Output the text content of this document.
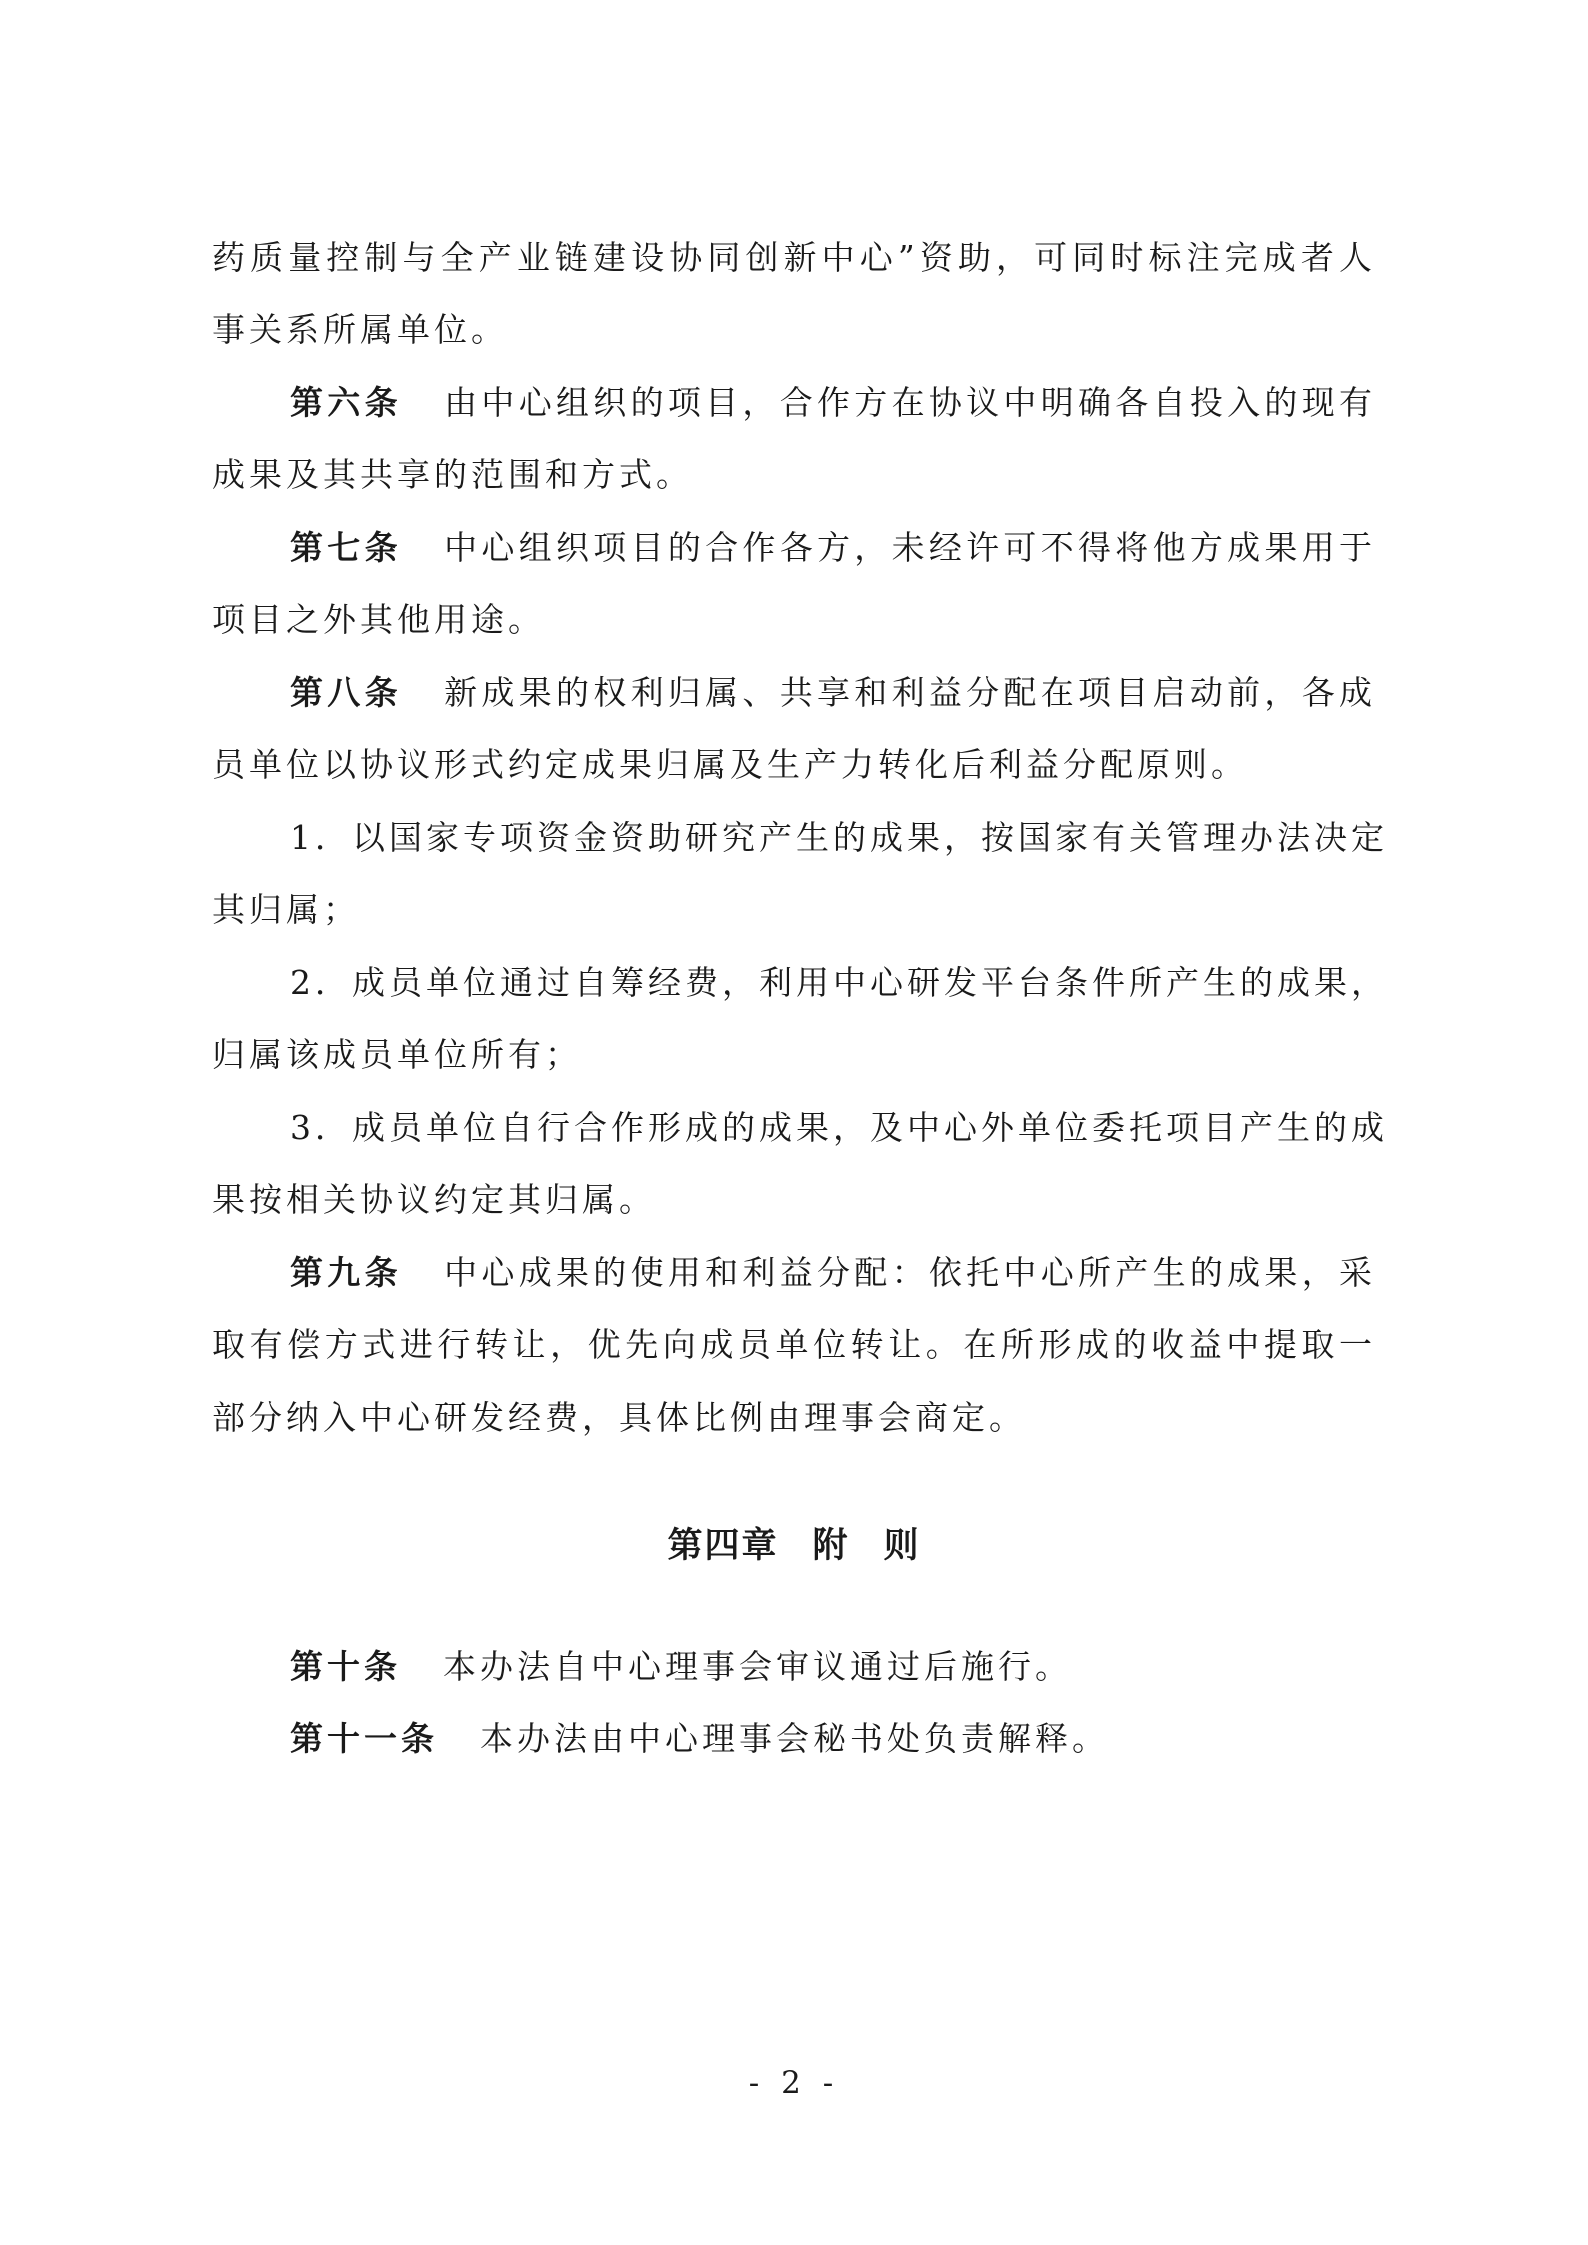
药质量控制与全产业链建设协同创新中心”资助，可同时标注完成者人
事关系所属单位。
第六条 由中心组织的项目，合作方在协议中明确各自投入的现有
成果及其共享的范围和方式。
第七条 中心组织项目的合作各方，未经许可不得将他方成果用于
项目之外其他用途。
第八条 新成果的权利归属、共享和利益分配在项目启动前，各成
员单位以协议形式约定成果归属及生产力转化后利益分配原则。
1．以国家专项资金资助研究产生的成果，按国家有关管理办法决定
其归属；
2．成员单位通过自筹经费，利用中心研发平台条件所产生的成果，
归属该成员单位所有；
3．成员单位自行合作形成的成果，及中心外单位委托项目产生的成
果按相关协议约定其归属。
第九条 中心成果的使用和利益分配：依托中心所产生的成果，采
取有偿方式进行转让，优先向成员单位转让。在所形成的收益中提取一
部分纳入中心研发经费，具体比例由理事会商定。
第四章 附 则
第十条 本办法自中心理事会审议通过后施行。
第十一条 本办法由中心理事会秘书处负责解释。
- 2 -
